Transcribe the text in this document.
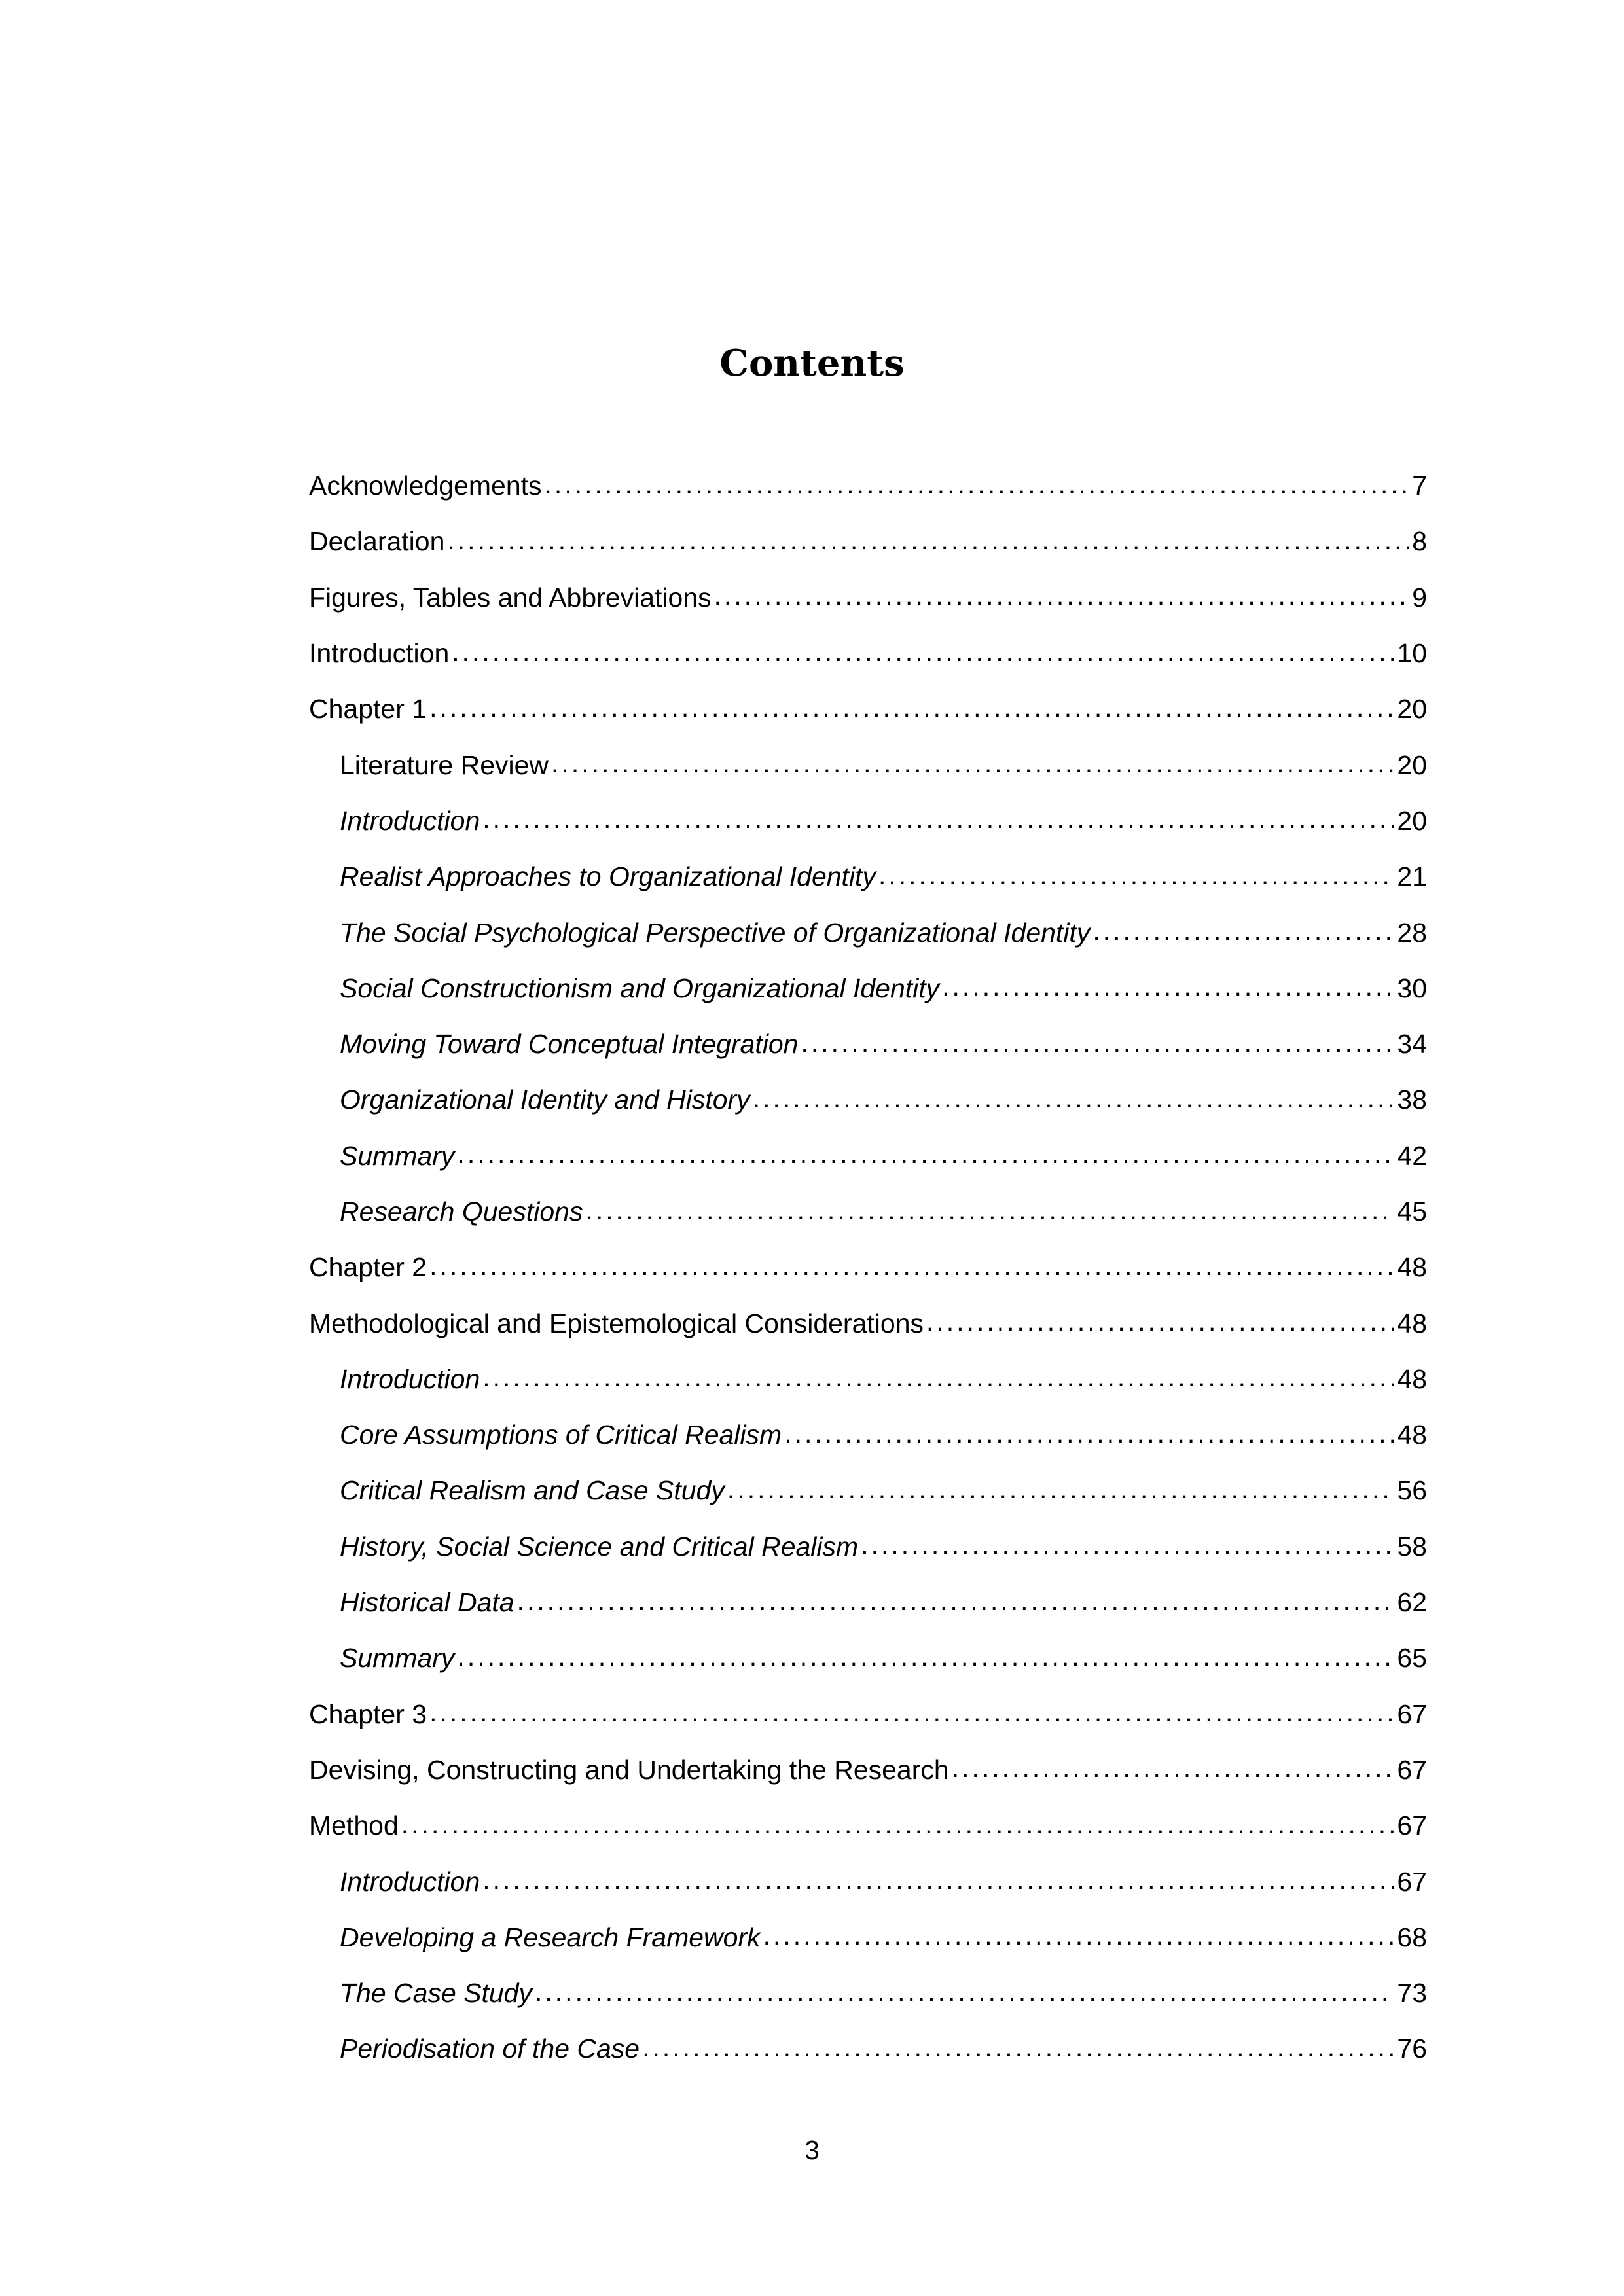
Contents
Acknowledgements .....	7
Declaration .....	8
Figures, Tables and Abbreviations .....	9
Introduction .....	10
Chapter 1 .....	20
Literature Review .....	20
Introduction .....	20
Realist Approaches to Organizational Identity .....	21
The Social Psychological Perspective of Organizational Identity .....	28
Social Constructionism and Organizational Identity .....	30
Moving Toward Conceptual Integration .....	34
Organizational Identity and History .....	38
Summary .....	42
Research Questions .....	45
Chapter 2 .....	48
Methodological and Epistemological Considerations .....	48
Introduction .....	48
Core Assumptions of Critical Realism .....	48
Critical Realism and Case Study .....	56
History, Social Science and Critical Realism .....	58
Historical Data .....	62
Summary .....	65
Chapter 3 .....	67
Devising, Constructing and Undertaking the Research .....	67
Method .....	67
Introduction .....	67
Developing a Research Framework .....	68
The Case Study .....	73
Periodisation of the Case .....	76
3
